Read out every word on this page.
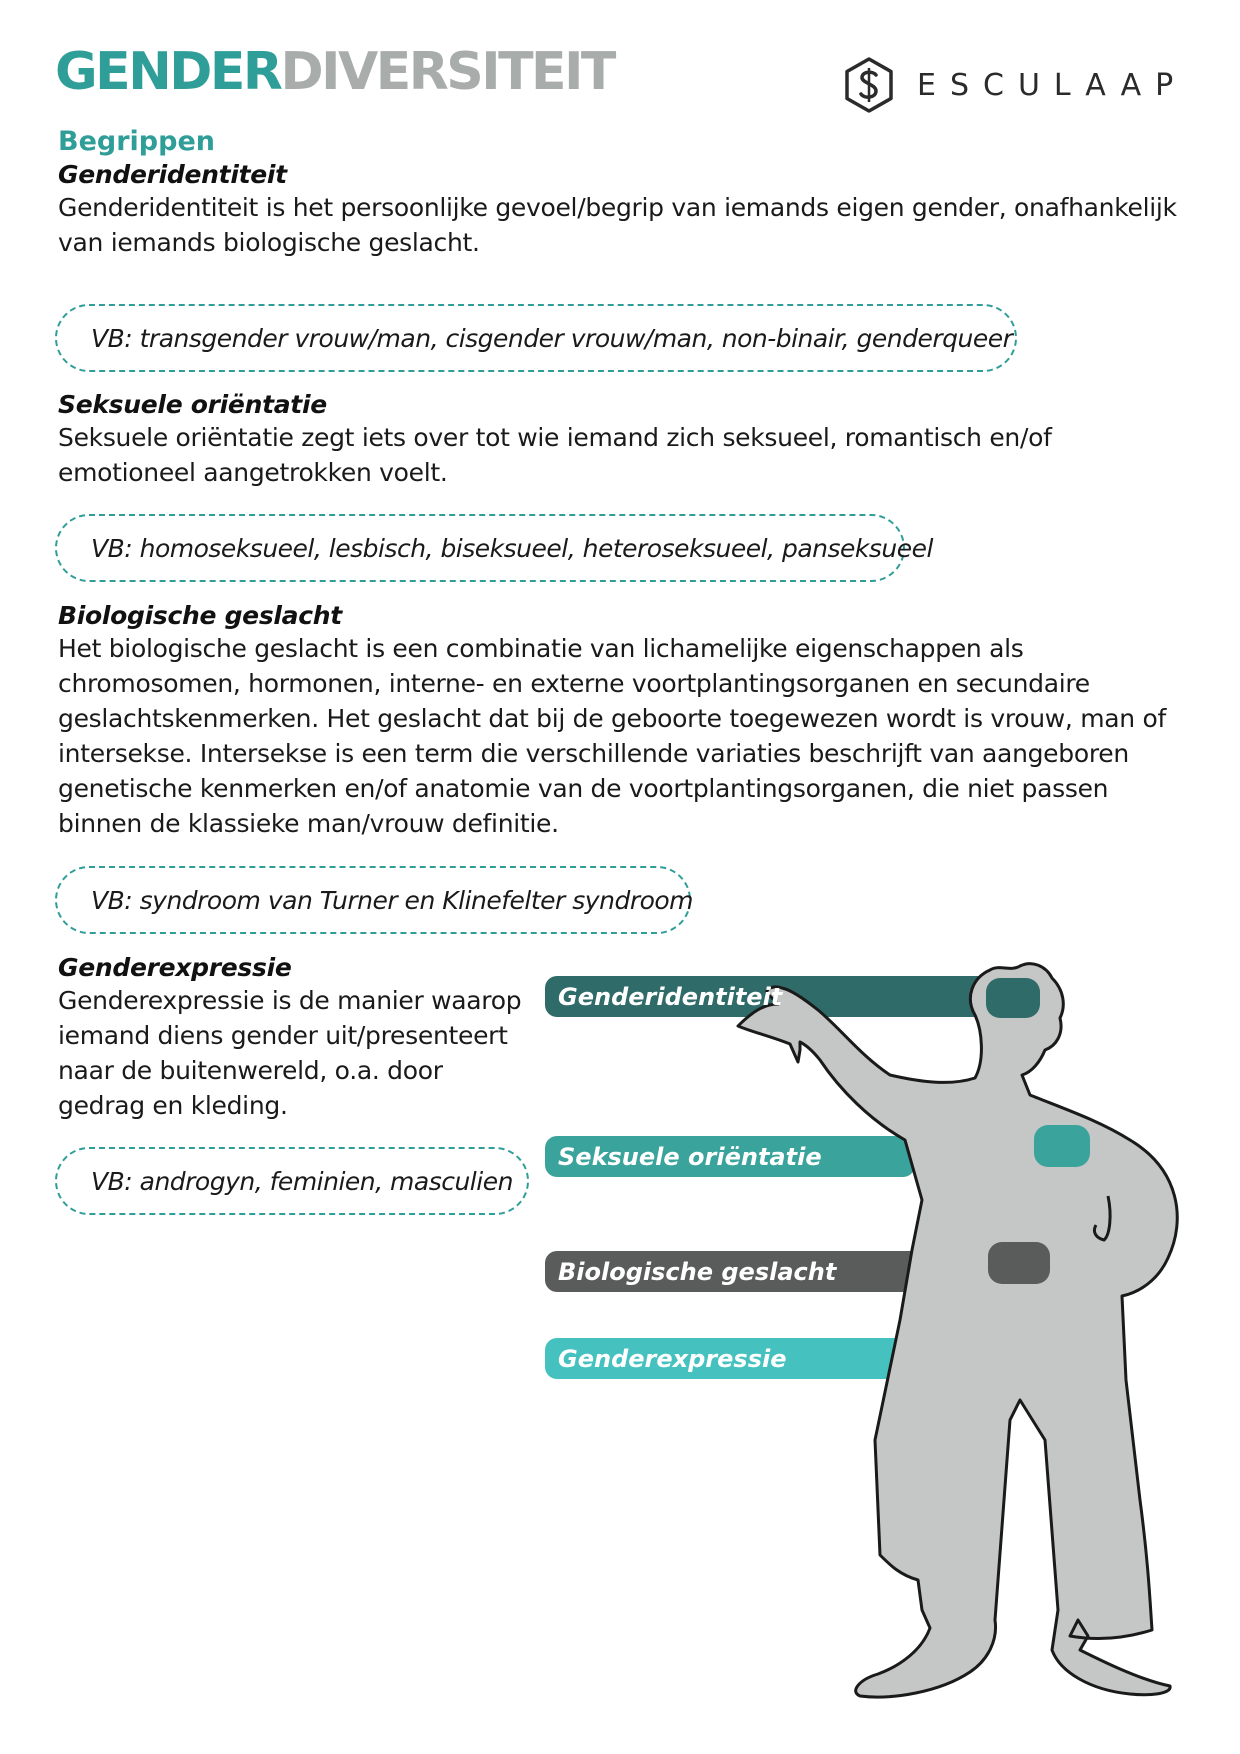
GENDERDIVERSITEIT	ESCULAAP
Begrippen
Genderidentiteit

Genderidentiteit is het persoonlijke gevoel/begrip van iemands eigen gender, onafhankelijk van iemands biologische geslacht.

VB: transgender vrouw/man, cisgender vrouw/man, non-binair, genderqueer
Seksuele oriëntatie

Seksuele oriëntatie zegt iets over tot wie iemand zich seksueel, romantisch en/of emotioneel aangetrokken voelt.

VB: homoseksueel, lesbisch, biseksueel, heteroseksueel, panseksueel
Biologische geslacht

Het biologische geslacht is een combinatie van lichamelijke eigenschappen als chromosomen, hormonen, interne- en externe voortplantingsorganen en secundaire geslachtskenmerken. Het geslacht dat bij de geboorte toegewezen wordt is vrouw, man of intersekse. Intersekse is een term die verschillende variaties beschrijft van aangeboren genetische kenmerken en/of anatomie van de voortplantingsorganen, die niet passen binnen de klassieke man/vrouw definitie.

VB: syndroom van Turner en Klinefelter syndroom
Genderexpressie

Genderexpressie is de manier waarop iemand diens gender uit/presenteert naar de buitenwereld, o.a. door gedrag en kleding.

VB: androgyn, feminien, masculien
Genderidentiteit
Seksuele oriëntatie
Biologische geslacht
Genderexpressie
